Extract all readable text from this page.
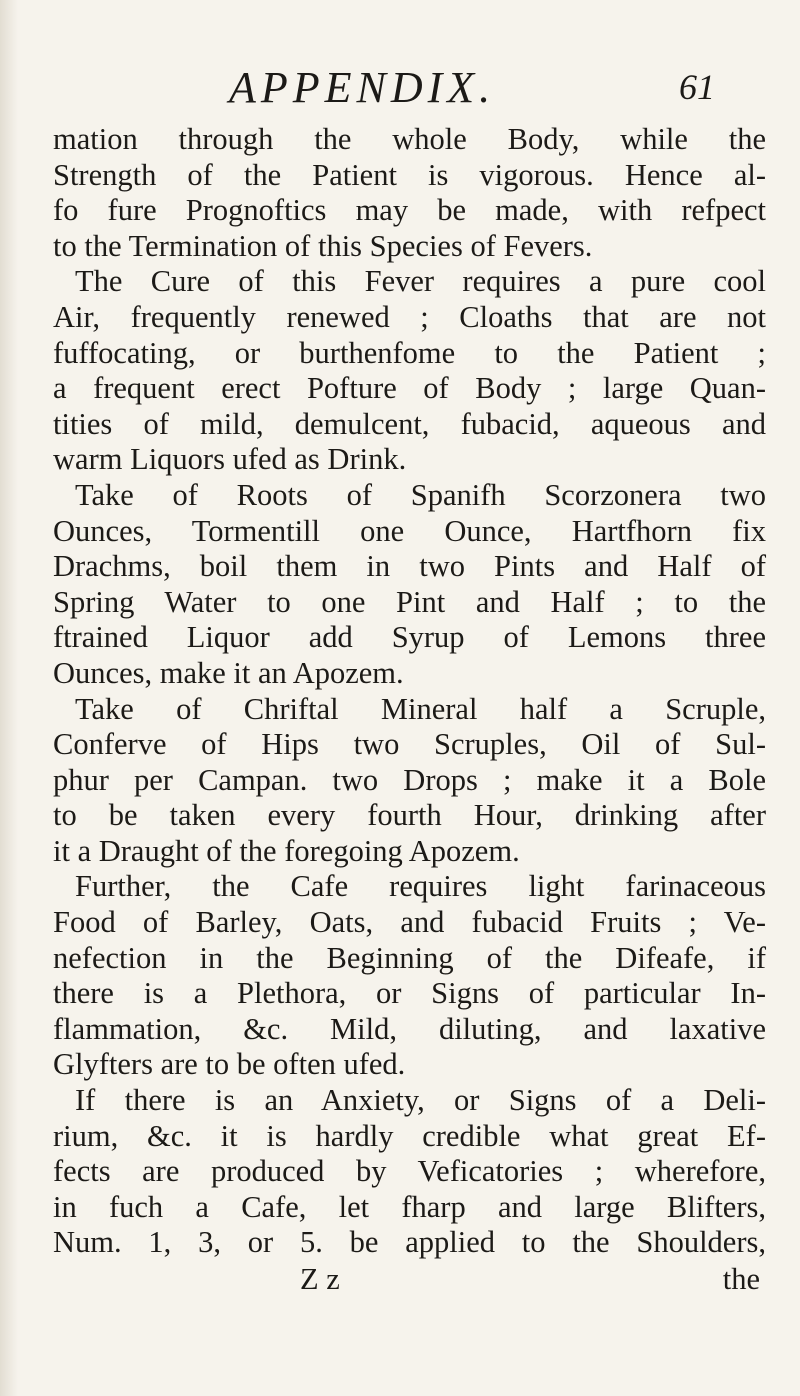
APPENDIX.	61
mation through the whole Body, while the
Strength of the Patient is vigorous. Hence al-
fo fure Prognoftics may be made, with refpect
to the Termination of this Species of Fevers.
The Cure of this Fever requires a pure cool
Air, frequently renewed ; Cloaths that are not
fuffocating, or burthenfome to the Patient ;
a frequent erect Pofture of Body ; large Quan-
tities of mild, demulcent, fubacid, aqueous and
warm Liquors ufed as Drink.
Take of Roots of Spanifh Scorzonera two
Ounces, Tormentill one Ounce, Hartfhorn fix
Drachms, boil them in two Pints and Half of
Spring Water to one Pint and Half ; to the
ftrained Liquor add Syrup of Lemons three
Ounces, make it an Apozem.
Take of Chriftal Mineral half a Scruple,
Conferve of Hips two Scruples, Oil of Sul-
phur per Campan. two Drops ; make it a Bole
to be taken every fourth Hour, drinking after
it a Draught of the foregoing Apozem.
Further, the Cafe requires light farinaceous
Food of Barley, Oats, and fubacid Fruits ; Ve-
nefection in the Beginning of the Difeafe, if
there is a Plethora, or Signs of particular In-
flammation, &c. Mild, diluting, and laxative
Glyfters are to be often ufed.
If there is an Anxiety, or Signs of a Deli-
rium, &c. it is hardly credible what great Ef-
fects are produced by Veficatories ; wherefore,
in fuch a Cafe, let fharp and large Blifters,
Num. 1, 3, or 5. be applied to the Shoulders,
Z z	the
